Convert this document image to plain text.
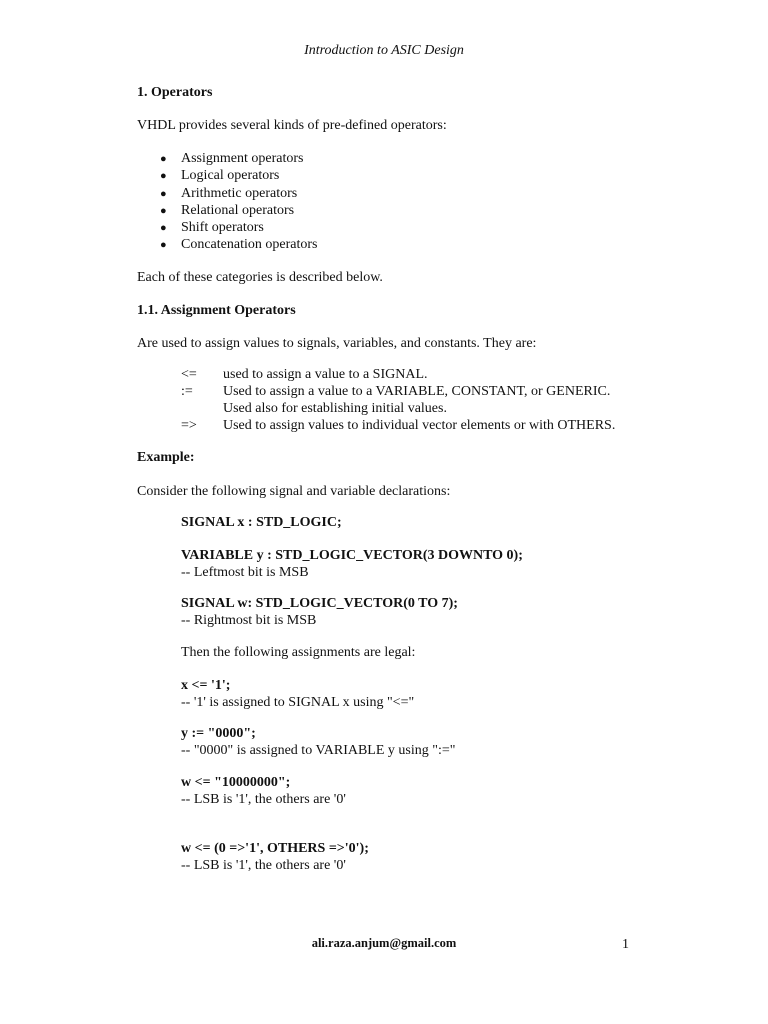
Introduction to ASIC Design
1. Operators
VHDL provides several kinds of pre-defined operators:
● Assignment operators
● Logical operators
● Arithmetic operators
● Relational operators
● Shift operators
● Concatenation operators
Each of these categories is described below.
1.1. Assignment Operators
Are used to assign values to signals, variables, and constants. They are:
<= used to assign a value to a SIGNAL.
:= Used to assign a value to a VARIABLE, CONSTANT, or GENERIC.
Used also for establishing initial values.
=> Used to assign values to individual vector elements or with OTHERS.
Example:
Consider the following signal and variable declarations:
SIGNAL x : STD_LOGIC;
VARIABLE y : STD_LOGIC_VECTOR(3 DOWNTO 0);
-- Leftmost bit is MSB
SIGNAL w: STD_LOGIC_VECTOR(0 TO 7);
-- Rightmost bit is MSB
Then the following assignments are legal:
x <= '1';
-- '1' is assigned to SIGNAL x using "<="
y := "0000";
-- "0000" is assigned to VARIABLE y using ":="
w <= "10000000";
-- LSB is '1', the others are '0'
w <= (0 =>'1', OTHERS =>'0');
-- LSB is '1', the others are '0'
ali.raza.anjum@gmail.com	1
